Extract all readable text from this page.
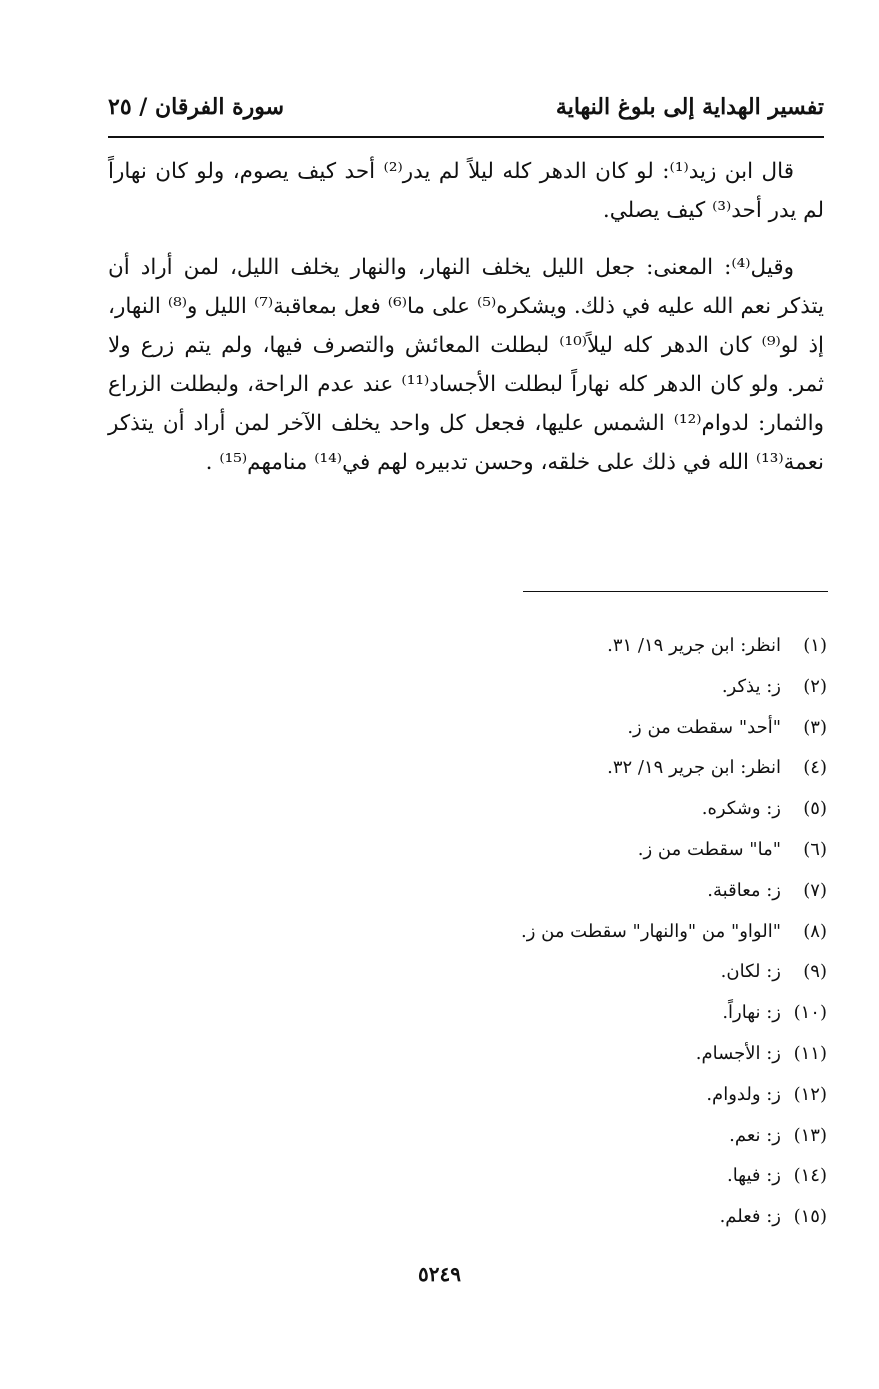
تفسير الهداية إلى بلوغ النهاية
سورة الفرقان / ٢٥

قال ابن زيد⁽¹⁾: لو كان الدهر كله ليلاً لم يدر⁽²⁾ أحد كيف يصوم، ولو كان نهاراً لم يدر أحد⁽³⁾ كيف يصلي.

وقيل⁽⁴⁾: المعنى: جعل الليل يخلف النهار، والنهار يخلف الليل، لمن أراد أن يتذكر نعم الله عليه في ذلك. ويشكره⁽⁵⁾ على ما⁽⁶⁾ فعل بمعاقبة⁽⁷⁾ الليل و⁽⁸⁾ النهار، إذ لو⁽⁹⁾ كان الدهر كله ليلاً⁽¹⁰⁾ لبطلت المعائش والتصرف فيها، ولم يتم زرع ولا ثمر. ولو كان الدهر كله نهاراً لبطلت الأجساد⁽¹¹⁾ عند عدم الراحة، ولبطلت الزراع والثمار: لدوام⁽¹²⁾ الشمس عليها، فجعل كل واحد يخلف الآخر لمن أراد أن يتذكر نعمة⁽¹³⁾ الله في ذلك على خلقه، وحسن تدبيره لهم في⁽¹⁴⁾ منامهم⁽¹⁵⁾ .

(١)انظر: ابن جرير ١٩/ ٣١.
(٢)ز: يذكر.
(٣)"أحد" سقطت من ز.
(٤)انظر: ابن جرير ١٩/ ٣٢.
(٥)ز: وشكره.
(٦)"ما" سقطت من ز.
(٧)ز: معاقبة.
(٨)"الواو" من "والنهار" سقطت من ز.
(٩)ز: لكان.
(١٠)ز: نهاراً.
(١١)ز: الأجسام.
(١٢)ز: ولدوام.
(١٣)ز: نعم.
(١٤)ز: فيها.
(١٥)ز: فعلم.
٥٢٤٩
